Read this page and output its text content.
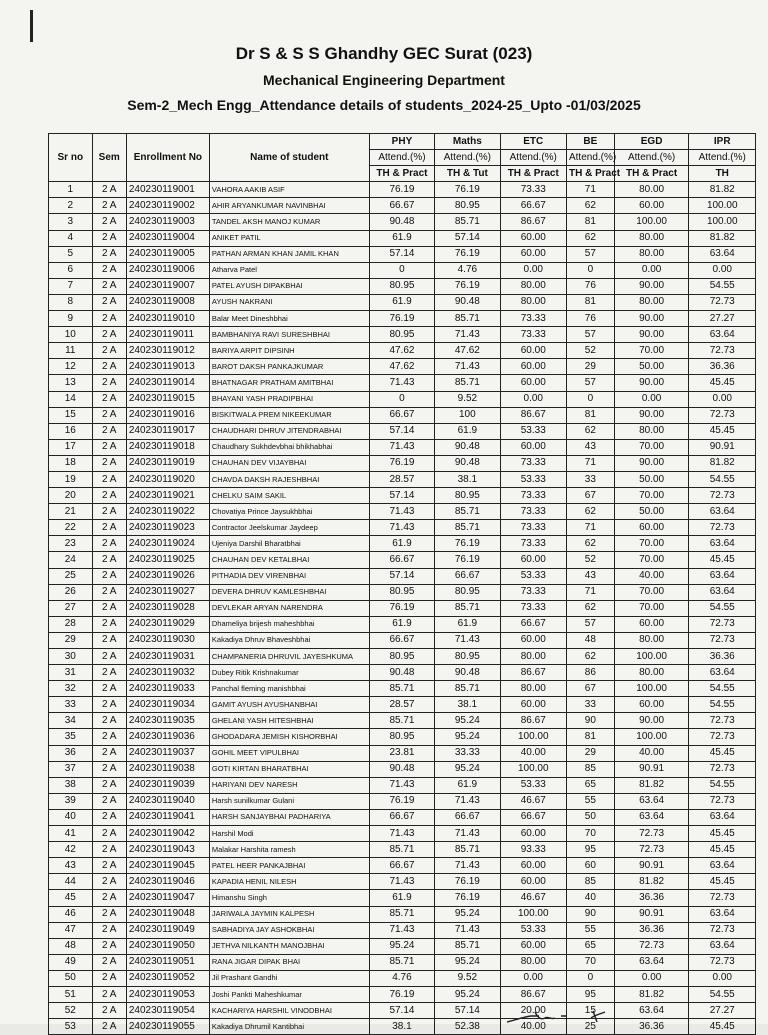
Dr S & S S Ghandhy GEC Surat (023)
Mechanical Engineering Department
Sem-2_Mech Engg_Attendance details of students_2024-25_Upto -01/03/2025
Sr no	Sem	Enrollment No	Name of student	PHY	Maths	ETC	BE	EGD	IPR
				Attend.(%)	Attend.(%)	Attend.(%)	Attend.(%)	Attend.(%)	Attend.(%)
				TH & Pract	TH & Tut	TH & Pract	TH & Pract	TH & Pract	TH
1	2 A	240230119001	VAHORA AAKIB ASIF	76.19	76.19	73.33	71	80.00	81.82
2	2 A	240230119002	AHIR ARYANKUMAR NAVINBHAI	66.67	80.95	66.67	62	60.00	100.00
3	2 A	240230119003	TANDEL AKSH MANOJ KUMAR	90.48	85.71	86.67	81	100.00	100.00
4	2 A	240230119004	ANIKET PATIL	61.9	57.14	60.00	62	80.00	81.82
5	2 A	240230119005	PATHAN ARMAN KHAN JAMIL KHAN	57.14	76.19	60.00	57	80.00	63.64
6	2 A	240230119006	Atharva Patel	0	4.76	0.00	0	0.00	0.00
7	2 A	240230119007	PATEL AYUSH DIPAKBHAI	80.95	76.19	80.00	76	90.00	54.55
8	2 A	240230119008	AYUSH NAKRANI	61.9	90.48	80.00	81	80.00	72.73
9	2 A	240230119010	Balar Meet Dineshbhai	76.19	85.71	73.33	76	90.00	27.27
10	2 A	240230119011	BAMBHANIYA RAVI SURESHBHAI	80.95	71.43	73.33	57	90.00	63.64
11	2 A	240230119012	BARIYA ARPIT DIPSINH	47.62	47.62	60.00	52	70.00	72.73
12	2 A	240230119013	BAROT DAKSH PANKAJKUMAR	47.62	71.43	60.00	29	50.00	36.36
13	2 A	240230119014	BHATNAGAR PRATHAM AMITBHAI	71.43	85.71	60.00	57	90.00	45.45
14	2 A	240230119015	BHAYANI YASH PRADIPBHAI	0	9.52	0.00	0	0.00	0.00
15	2 A	240230119016	BISKITWALA PREM NIKEEKUMAR	66.67	100	86.67	81	90.00	72.73
16	2 A	240230119017	CHAUDHARI DHRUV JITENDRABHAI	57.14	61.9	53.33	62	80.00	45.45
17	2 A	240230119018	Chaudhary Sukhdevbhai bhikhabhai	71.43	90.48	60.00	43	70.00	90.91
18	2 A	240230119019	CHAUHAN DEV VIJAYBHAI	76.19	90.48	73.33	71	90.00	81.82
19	2 A	240230119020	CHAVDA DAKSH RAJESHBHAI	28.57	38.1	53.33	33	50.00	54.55
20	2 A	240230119021	CHELKU SAIM SAKIL	57.14	80.95	73.33	67	70.00	72.73
21	2 A	240230119022	Chovatiya Prince Jaysukhbhai	71.43	85.71	73.33	62	50.00	63.64
22	2 A	240230119023	Contractor Jeelskumar Jaydeep	71.43	85.71	73.33	71	60.00	72.73
23	2 A	240230119024	Ujeniya Darshil Bharatbhai	61.9	76.19	73.33	62	70.00	63.64
24	2 A	240230119025	CHAUHAN DEV KETALBHAI	66.67	76.19	60.00	52	70.00	45.45
25	2 A	240230119026	PITHADIA DEV VIRENBHAI	57.14	66.67	53.33	43	40.00	63.64
26	2 A	240230119027	DEVERA DHRUV KAMLESHBHAI	80.95	80.95	73.33	71	70.00	63.64
27	2 A	240230119028	DEVLEKAR ARYAN NARENDRA	76.19	85.71	73.33	62	70.00	54.55
28	2 A	240230119029	Dhameliya brijesh maheshbhai	61.9	61.9	66.67	57	60.00	72.73
29	2 A	240230119030	Kakadiya Dhruv Bhaveshbhai	66.67	71.43	60.00	48	80.00	72.73
30	2 A	240230119031	CHAMPANERIA DHRUVIL JAYESHKUMA	80.95	80.95	80.00	62	100.00	36.36
31	2 A	240230119032	Dubey Ritik Krishnakumar	90.48	90.48	86.67	86	80.00	63.64
32	2 A	240230119033	Panchal fleming manishbhai	85.71	85.71	80.00	67	100.00	54.55
33	2 A	240230119034	GAMIT AYUSH AYUSHANBHAI	28.57	38.1	60.00	33	60.00	54.55
34	2 A	240230119035	GHELANI YASH HITESHBHAI	85.71	95.24	86.67	90	90.00	72.73
35	2 A	240230119036	GHODADARA JEMISH KISHORBHAI	80.95	95.24	100.00	81	100.00	72.73
36	2 A	240230119037	GOHIL MEET VIPULBHAI	23.81	33.33	40.00	29	40.00	45.45
37	2 A	240230119038	GOTI KIRTAN BHARATBHAI	90.48	95.24	100.00	85	90.91	72.73
38	2 A	240230119039	HARIYANI DEV NARESH	71.43	61.9	53.33	65	81.82	54.55
39	2 A	240230119040	Harsh sunilkumar Gulani	76.19	71.43	46.67	55	63.64	72.73
40	2 A	240230119041	HARSH SANJAYBHAI PADHARIYA	66.67	66.67	66.67	50	63.64	63.64
41	2 A	240230119042	Harshil Modi	71.43	71.43	60.00	70	72.73	45.45
42	2 A	240230119043	Malakar Harshita ramesh	85.71	85.71	93.33	95	72.73	45.45
43	2 A	240230119045	PATEL HEER PANKAJBHAI	66.67	71.43	60.00	60	90.91	63.64
44	2 A	240230119046	KAPADIA HENIL NILESH	71.43	76.19	60.00	85	81.82	45.45
45	2 A	240230119047	Himanshu Singh	61.9	76.19	46.67	40	36.36	72.73
46	2 A	240230119048	JARIWALA JAYMIN KALPESH	85.71	95.24	100.00	90	90.91	63.64
47	2 A	240230119049	SABHADIYA JAY ASHOKBHAI	71.43	71.43	53.33	55	36.36	72.73
48	2 A	240230119050	JETHVA NILKANTH MANOJBHAI	95.24	85.71	60.00	65	72.73	63.64
49	2 A	240230119051	RANA JIGAR DIPAK BHAI	85.71	95.24	80.00	70	63.64	72.73
50	2 A	240230119052	Jil Prashant Gandhi	4.76	9.52	0.00	0	0.00	0.00
51	2 A	240230119053	Joshi Pankti Maheshkumar	76.19	95.24	86.67	95	81.82	54.55
52	2 A	240230119054	KACHARIYA HARSHIL VINODBHAI	57.14	57.14	20.00	15	63.64	27.27
53	2 A	240230119055	Kakadiya Dhrumil Kantibhai	38.1	52.38	40.00	25	36.36	45.45
